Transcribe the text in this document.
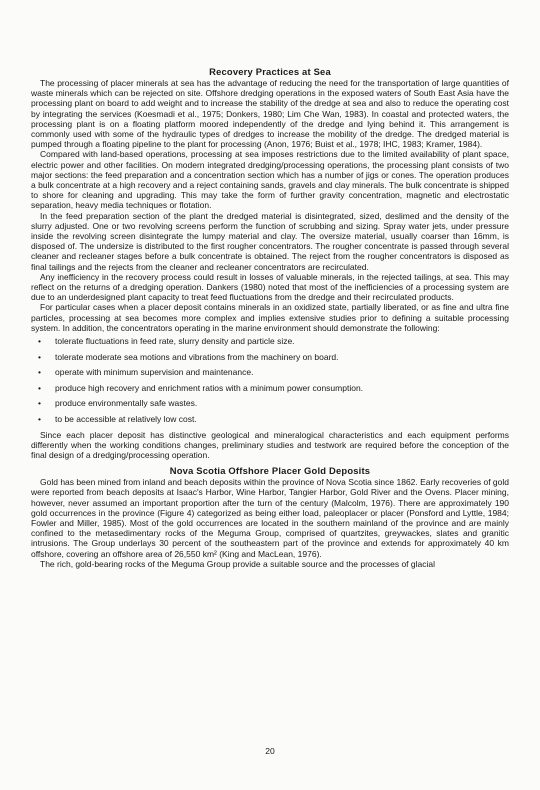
Recovery Practices at Sea

The processing of placer minerals at sea has the advantage of reducing the need for the transportation of large quantities of waste minerals which can be rejected on site. Offshore dredging operations in the exposed waters of South East Asia have the processing plant on board to add weight and to increase the stability of the dredge at sea and also to reduce the operating cost by integrating the services (Koesmadi et al., 1975; Donkers, 1980; Lim Che Wan, 1983). In coastal and protected waters, the processing plant is on a floating platform moored independently of the dredge and lying behind it. This arrangement is commonly used with some of the hydraulic types of dredges to increase the mobility of the dredge. The dredged material is pumped through a floating pipeline to the plant for processing (Anon, 1976; Buist et al., 1978; IHC, 1983; Kramer, 1984).

Compared with land-based operations, processing at sea imposes restrictions due to the limited availability of plant space, electric power and other facilities. On modern integrated dredging/processing operations, the processing plant consists of two major sections: the feed preparation and a concentration section which has a number of jigs or cones. The operation produces a bulk concentrate at a high recovery and a reject containing sands, gravels and clay minerals. The bulk concentrate is shipped to shore for cleaning and upgrading. This may take the form of further gravity concentration, magnetic and electrostatic separation, heavy media techniques or flotation.

In the feed preparation section of the plant the dredged material is disintegrated, sized, deslimed and the density of the slurry adjusted. One or two revolving screens perform the function of scrubbing and sizing. Spray water jets, under pressure inside the revolving screen disintegrate the lumpy material and clay. The oversize material, usually coarser than 16mm, is disposed of. The undersize is distributed to the first rougher concentrators. The rougher concentrate is passed through several cleaner and recleaner stages before a bulk concentrate is obtained. The reject from the rougher concentrators is disposed as final tailings and the rejects from the cleaner and recleaner concentrators are recirculated.

Any inefficiency in the recovery process could result in losses of valuable minerals, in the rejected tailings, at sea. This may reflect on the returns of a dredging operation. Dankers (1980) noted that most of the inefficiencies of a processing system are due to an underdesigned plant capacity to treat feed fluctuations from the dredge and their recirculated products.

For particular cases when a placer deposit contains minerals in an oxidized state, partially liberated, or as fine and ultra fine particles, processing at sea becomes more complex and implies extensive studies prior to defining a suitable processing system. In addition, the concentrators operating in the marine environment should demonstrate the following:

• tolerate fluctuations in feed rate, slurry density and particle size.
• tolerate moderate sea motions and vibrations from the machinery on board.
• operate with minimum supervision and maintenance.
• produce high recovery and enrichment ratios with a minimum power consumption.
• produce environmentally safe wastes.
• to be accessible at relatively low cost.

Since each placer deposit has distinctive geological and mineralogical characteristics and each equipment performs differently when the working conditions changes, preliminary studies and testwork are required before the conception of the final design of a dredging/processing operation.

Nova Scotia Offshore Placer Gold Deposits

Gold has been mined from inland and beach deposits within the province of Nova Scotia since 1862. Early recoveries of gold were reported from beach deposits at Isaac's Harbor, Wine Harbor, Tangier Harbor, Gold River and the Ovens. Placer mining, however, never assumed an important proportion after the turn of the century (Malcolm, 1976). There are approximately 190 gold occurrences in the province (Figure 4) categorized as being either load, paleoplacer or placer (Ponsford and Lyttle, 1984; Fowler and Miller, 1985). Most of the gold occurrences are located in the southern mainland of the province and are mainly confined to the metasedimentary rocks of the Meguma Group, comprised of quartzites, greywackes, slates and granitic intrusions. The Group underlays 30 percent of the southeastern part of the province and extends for approximately 40 km offshore, covering an offshore area of 26,550 km² (King and MacLean, 1976).

The rich, gold-bearing rocks of the Meguma Group provide a suitable source and the processes of glacial

20
